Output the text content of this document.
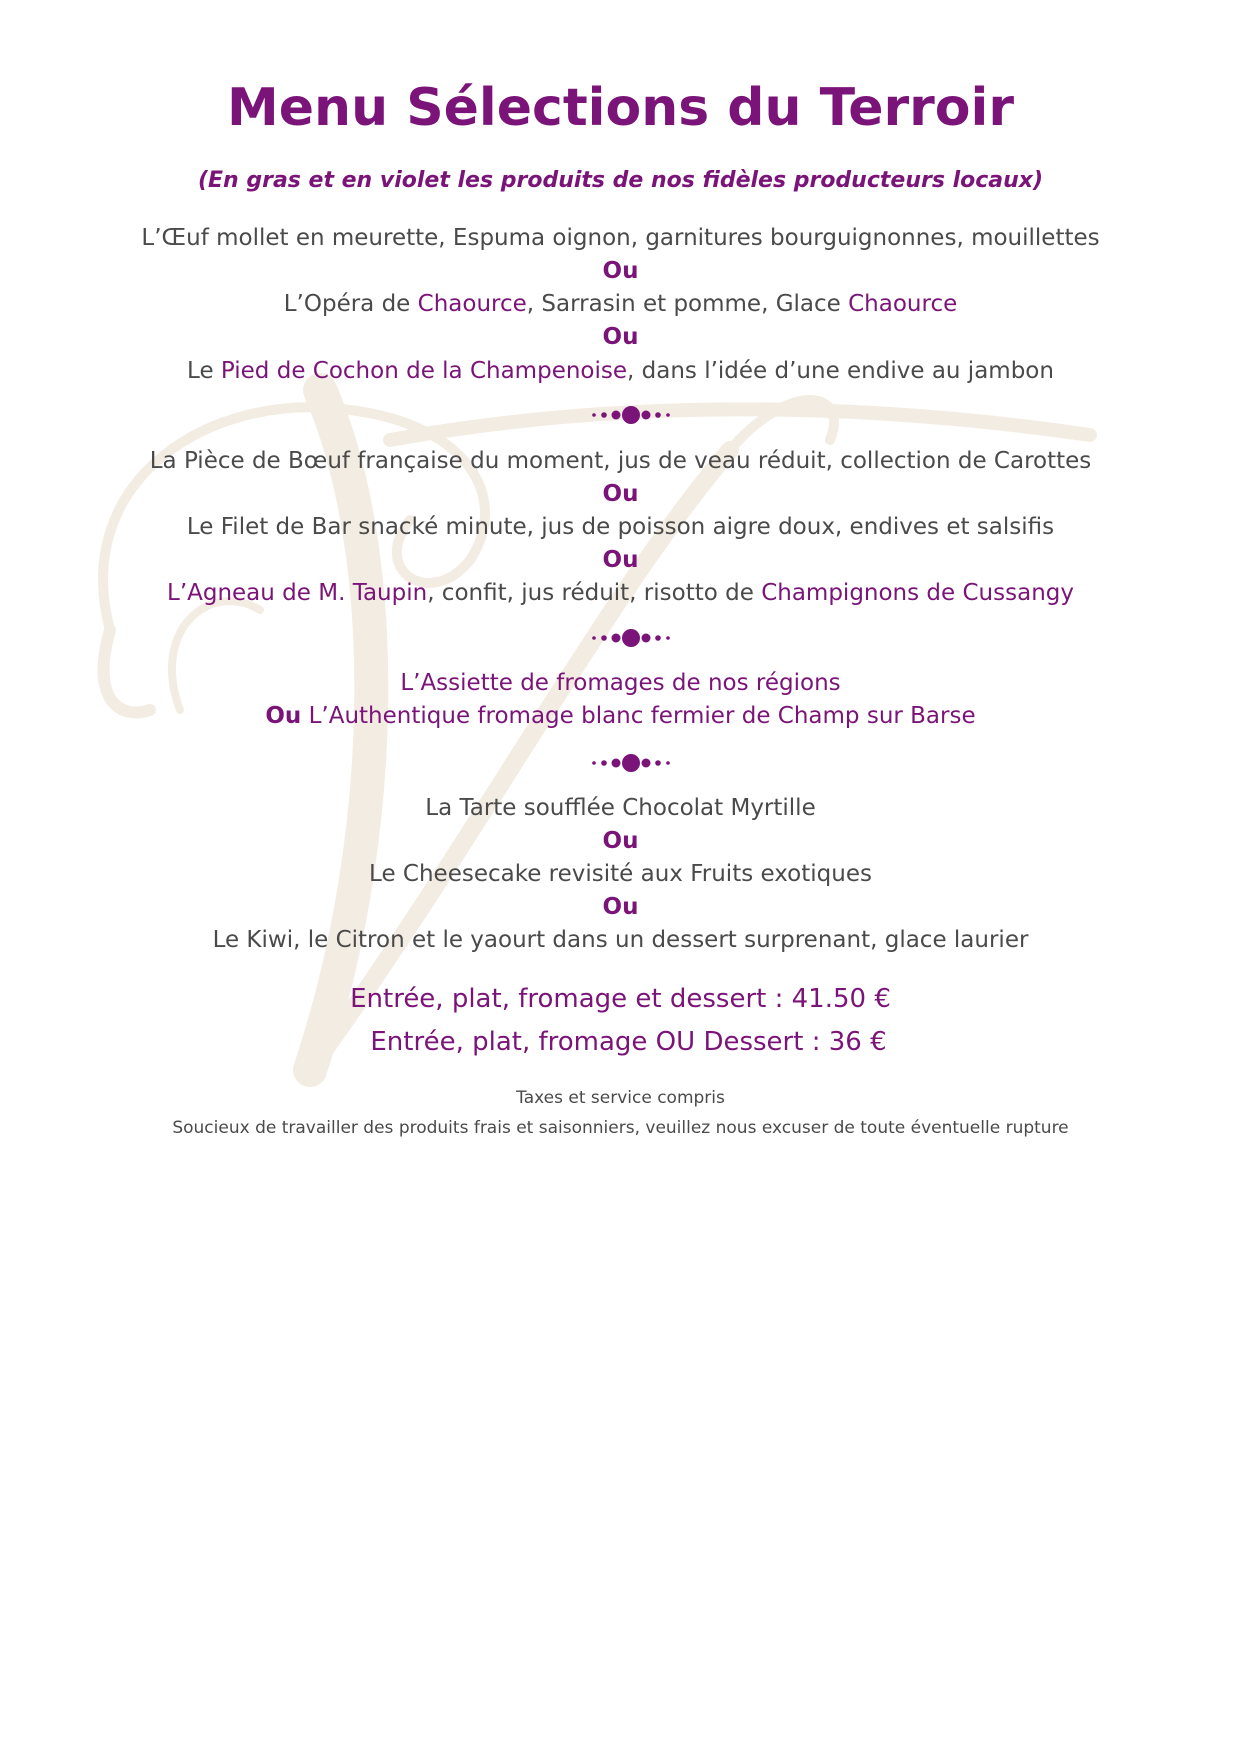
Menu Sélections du Terroir

(En gras et en violet les produits de nos fidèles producteurs locaux)

L’Œuf mollet en meurette, Espuma oignon, garnitures bourguignonnes, mouillettes

Ou

L’Opéra de Chaource, Sarrasin et pomme, Glace Chaource

Ou

Le Pied de Cochon de la Champenoise, dans l’idée d’une endive au jambon

La Pièce de Bœuf française du moment, jus de veau réduit, collection de Carottes

Ou

Le Filet de Bar snacké minute, jus de poisson aigre doux, endives et salsifis

Ou

L’Agneau de M. Taupin, confit, jus réduit, risotto de Champignons de Cussangy

L’Assiette de fromages de nos régions

Ou L’Authentique fromage blanc fermier de Champ sur Barse

La Tarte soufflée Chocolat Myrtille

Ou

Le Cheesecake revisité aux Fruits exotiques

Ou

Le Kiwi, le Citron et le yaourt dans un dessert surprenant, glace laurier

Entrée, plat, fromage et dessert : 41.50 €

Entrée, plat, fromage OU Dessert : 36 €

Taxes et service compris

Soucieux de travailler des produits frais et saisonniers, veuillez nous excuser de toute éventuelle rupture
